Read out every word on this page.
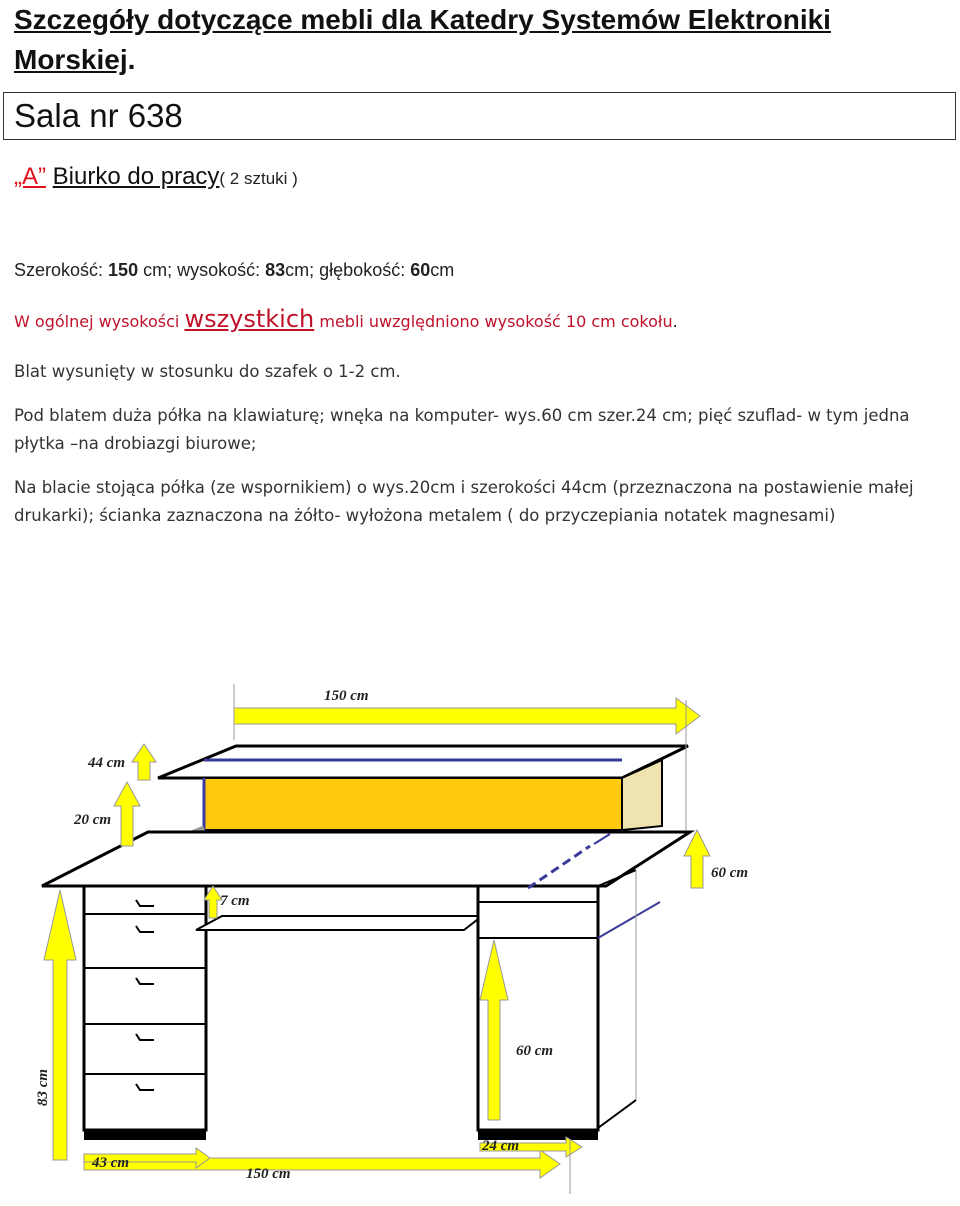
Szczegóły dotyczące mebli dla Katedry Systemów Elektroniki Morskiej.
Sala nr 638
„A” Biurko do pracy( 2 sztuki )
Szerokość: 150 cm; wysokość: 83cm; głębokość: 60cm
W ogólnej wysokości wszystkich mebli uwzględniono wysokość 10 cm cokołu.
Blat wysunięty w stosunku do szafek o 1-2 cm.
Pod blatem duża półka na klawiaturę; wnęka na komputer- wys.60 cm szer.24 cm; pięć szuflad- w tym jedna płytka –na drobiazgi biurowe;
Na blacie stojąca półka (ze wspornikiem) o wys.20cm i szerokości 44cm (przeznaczona na postawienie małej drukarki); ścianka zaznaczona na żółto- wyłożona metalem ( do przyczepiania notatek magnesami)
150 cm
44 cm
20 cm
60 cm
7 cm
60 cm
83 cm
24 cm
43 cm
150 cm
